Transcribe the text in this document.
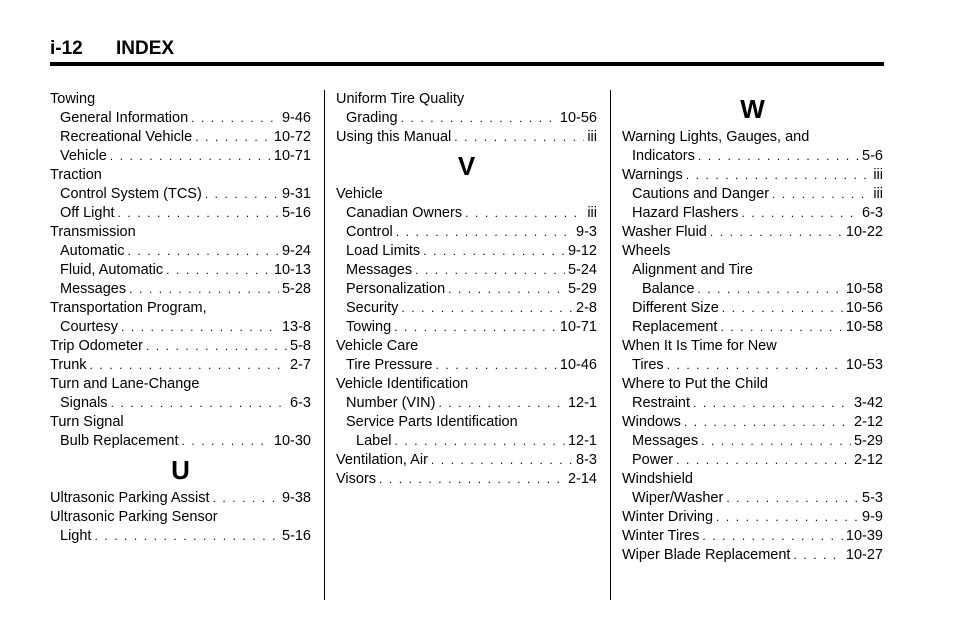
i-12 INDEX
Towing
General Information . . .	9-46
Recreational Vehicle . . .	10-72
Vehicle . . .	10-71
Traction
Control System (TCS) . . .	9-31
Off Light . . .	5-16
Transmission
Automatic . . .	9-24
Fluid, Automatic . . .	10-13
Messages . . .	5-28
Transportation Program,
Courtesy . . .	13-8
Trip Odometer . . .	5-8
Trunk . . .	2-7
Turn and Lane-Change
Signals . . .	6-3
Turn Signal
Bulb Replacement . . .	10-30
U
Ultrasonic Parking Assist . . .	9-38
Ultrasonic Parking Sensor
Light . . .	5-16
Uniform Tire Quality
Grading . . .	10-56
Using this Manual . . .	iii
V
Vehicle
Canadian Owners . . .	iii
Control . . .	9-3
Load Limits . . .	9-12
Messages . . .	5-24
Personalization . . .	5-29
Security . . .	2-8
Towing . . .	10-71
Vehicle Care
Tire Pressure . . .	10-46
Vehicle Identification
Number (VIN) . . .	12-1
Service Parts Identification
Label . . .	12-1
Ventilation, Air . . .	8-3
Visors . . .	2-14
W
Warning Lights, Gauges, and
Indicators . . .	5-6
Warnings . . .	iii
Cautions and Danger . . .	iii
Hazard Flashers . . .	6-3
Washer Fluid . . .	10-22
Wheels
Alignment and Tire
Balance . . .	10-58
Different Size . . .	10-56
Replacement . . .	10-58
When It Is Time for New
Tires . . .	10-53
Where to Put the Child
Restraint . . .	3-42
Windows . . .	2-12
Messages . . .	5-29
Power . . .	2-12
Windshield
Wiper/Washer . . .	5-3
Winter Driving . . .	9-9
Winter Tires . . .	10-39
Wiper Blade Replacement . . .	10-27
